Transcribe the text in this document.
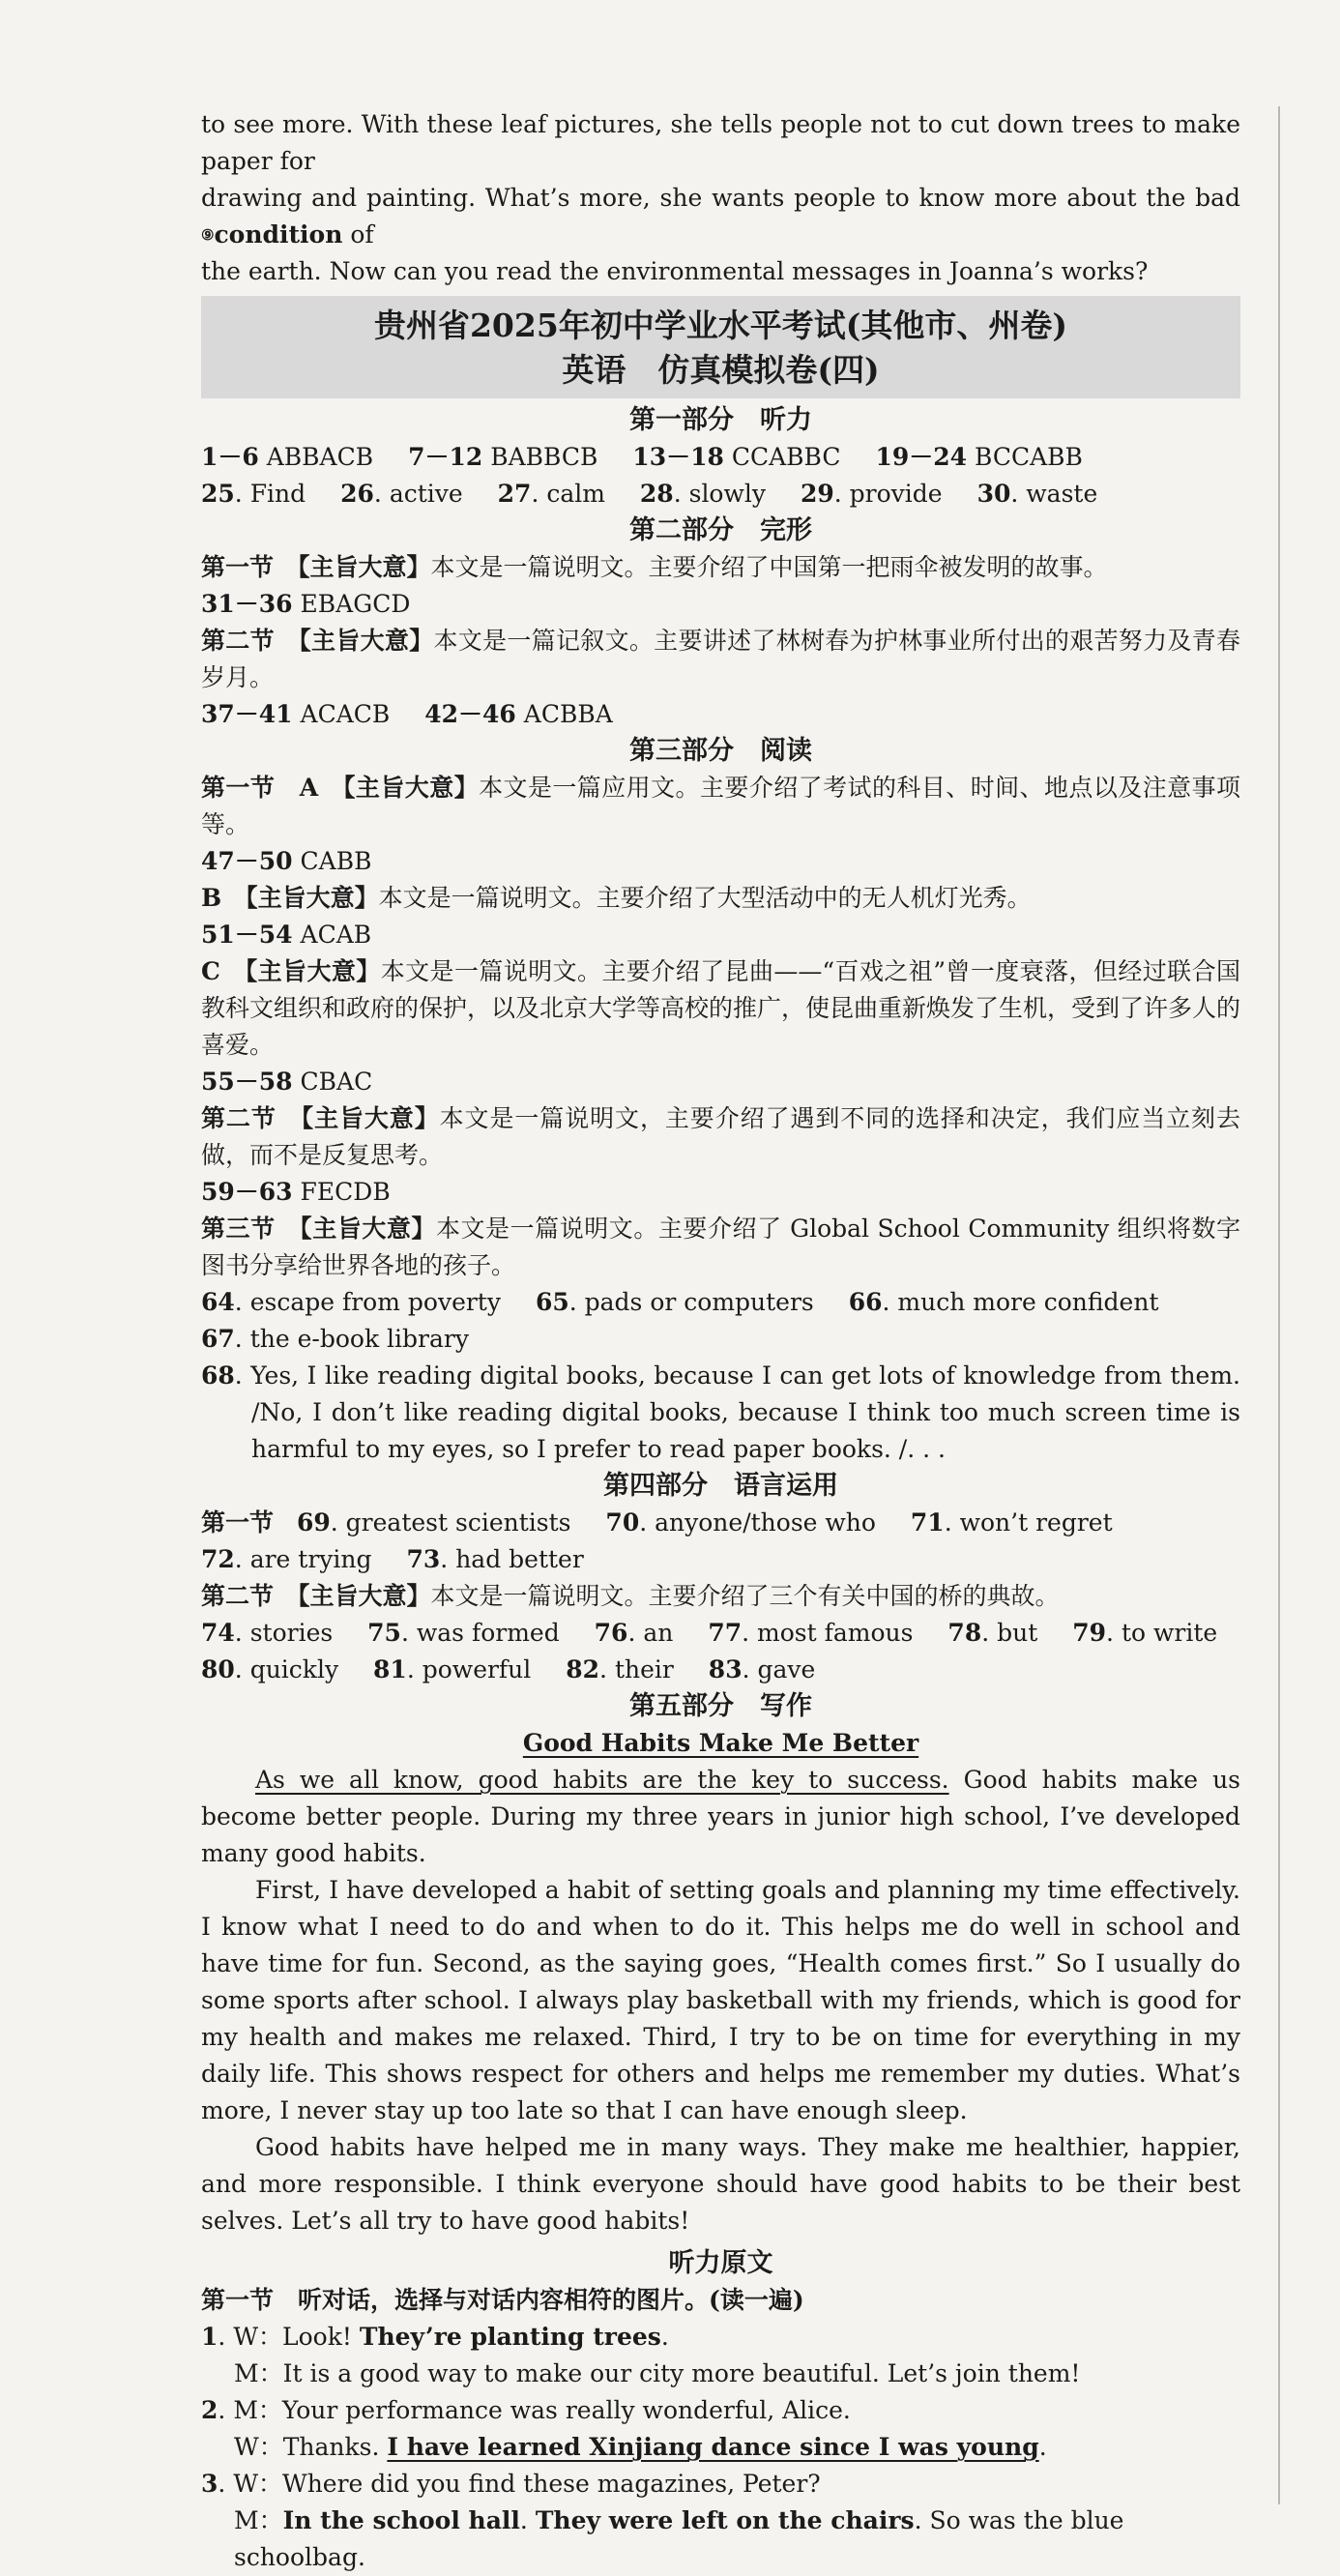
to see more. With these leaf pictures, she tells people not to cut down trees to make paper for

drawing and painting. What’s more, she wants people to know more about the bad ⑨condition of

the earth. Now can you read the environmental messages in Joanna’s works?

贵州省2025年初中学业水平考试(其他市、州卷)
英语　仿真模拟卷(四)

第一部分　听力

1－6 ABBACB 7－12 BABBCB 13－18 CCABBC 19－24 BCCABB

25. Find 26. active 27. calm 28. slowly 29. provide 30. waste

第二部分　完形

第一节　【主旨大意】本文是一篇说明文。主要介绍了中国第一把雨伞被发明的故事。

31－36 EBAGCD

第二节　【主旨大意】本文是一篇记叙文。主要讲述了林树春为护林事业所付出的艰苦努力及青春岁月。

37－41 ACACB 42－46 ACBBA

第三部分　阅读

第一节　A　【主旨大意】本文是一篇应用文。主要介绍了考试的科目、时间、地点以及注意事项等。

47－50 CABB

B　【主旨大意】本文是一篇说明文。主要介绍了大型活动中的无人机灯光秀。

51－54 ACAB

C　【主旨大意】本文是一篇说明文。主要介绍了昆曲——“百戏之祖”曾一度衰落，但经过联合国教科文组织和政府的保护，以及北京大学等高校的推广，使昆曲重新焕发了生机，受到了许多人的喜爱。

55－58 CBAC

第二节　【主旨大意】本文是一篇说明文，主要介绍了遇到不同的选择和决定，我们应当立刻去做，而不是反复思考。

59－63 FECDB

第三节　【主旨大意】本文是一篇说明文。主要介绍了 Global School Community 组织将数字图书分享给世界各地的孩子。

64. escape from poverty 65. pads or computers 66. much more confident

67. the e-book library

68. Yes, I like reading digital books, because I can get lots of knowledge from them. /No, I don’t like reading digital books, because I think too much screen time is harmful to my eyes, so I prefer to read paper books. /. . .

第四部分　语言运用

第一节 69. greatest scientists 70. anyone/those who 71. won’t regret

72. are trying 73. had better

第二节　【主旨大意】本文是一篇说明文。主要介绍了三个有关中国的桥的典故。

74. stories 75. was formed 76. an 77. most famous 78. but 79. to write

80. quickly 81. powerful 82. their 83. gave

第五部分　写作

Good Habits Make Me Better

As we all know, good habits are the key to success. Good habits make us become better people. During my three years in junior high school, I’ve developed many good habits.

First, I have developed a habit of setting goals and planning my time effectively. I know what I need to do and when to do it. This helps me do well in school and have time for fun. Second, as the saying goes, “Health comes first.” So I usually do some sports after school. I always play basketball with my friends, which is good for my health and makes me relaxed. Third, I try to be on time for everything in my daily life. This shows respect for others and helps me remember my duties. What’s more, I never stay up too late so that I can have enough sleep.

Good habits have helped me in many ways. They make me healthier, happier, and more responsible. I think everyone should have good habits to be their best selves. Let’s all try to have good habits!

听力原文

第一节　听对话，选择与对话内容相符的图片。(读一遍)

1. W：Look! They’re planting trees.

M：It is a good way to make our city more beautiful. Let’s join them!

2. M：Your performance was really wonderful, Alice.

W：Thanks. I have learned Xinjiang dance since I was young.

3. W：Where did you find these magazines, Peter?

M：In the school hall. They were left on the chairs. So was the blue schoolbag.
